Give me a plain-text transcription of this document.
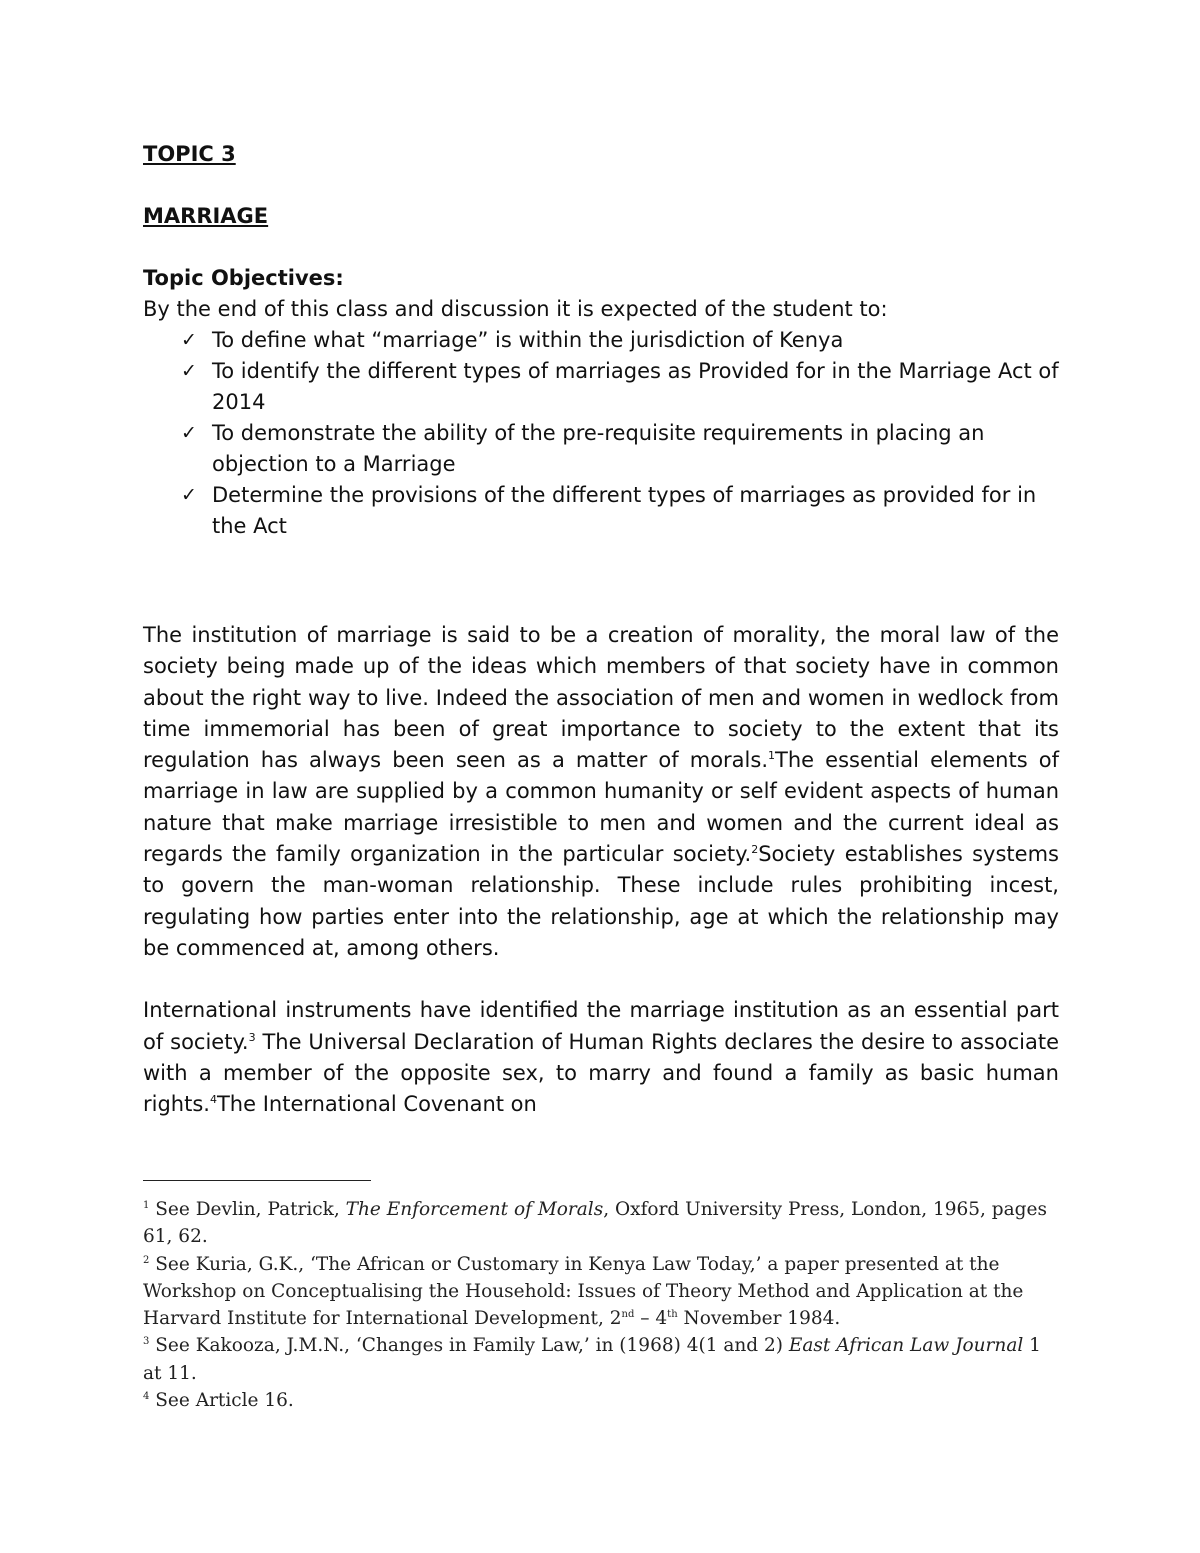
TOPIC 3

MARRIAGE

Topic Objectives:

By the end of this class and discussion it is expected of the student to:

✓ To define what “marriage” is within the jurisdiction of Kenya
✓ To identify the different types of marriages as Provided for in the Marriage Act of 2014
✓ To demonstrate the ability of the pre-requisite requirements in placing an objection to a Marriage
✓ Determine the provisions of the different types of marriages as provided for in the Act

The institution of marriage is said to be a creation of morality, the moral law of the society being made up of the ideas which members of that society have in common about the right way to live. Indeed the association of men and women in wedlock from time immemorial has been of great importance to society to the extent that its regulation has always been seen as a matter of morals.$^1$The essential elements of marriage in law are supplied by a common humanity or self evident aspects of human nature that make marriage irresistible to men and women and the current ideal as regards the family organization in the particular society.$^2$Society establishes systems to govern the man-woman relationship. These include rules prohibiting incest, regulating how parties enter into the relationship, age at which the relationship may be commenced at, among others.

International instruments have identified the marriage institution as an essential part of society.$^3$ The Universal Declaration of Human Rights declares the desire to associate with a member of the opposite sex, to marry and found a family as basic human rights.$^4$The International Covenant on

$^1$ See Devlin, Patrick, The Enforcement of Morals, Oxford University Press, London, 1965, pages 61, 62.

$^2$ See Kuria, G.K., ‘The African or Customary in Kenya Law Today,’ a paper presented at the Workshop on Conceptualising the Household: Issues of Theory Method and Application at the Harvard Institute for International Development, 2nd – 4th November 1984.

$^3$ See Kakooza, J.M.N., ‘Changes in Family Law,’ in (1968) 4(1 and 2) East African Law Journal 1 at 11.

$^4$ See Article 16.
